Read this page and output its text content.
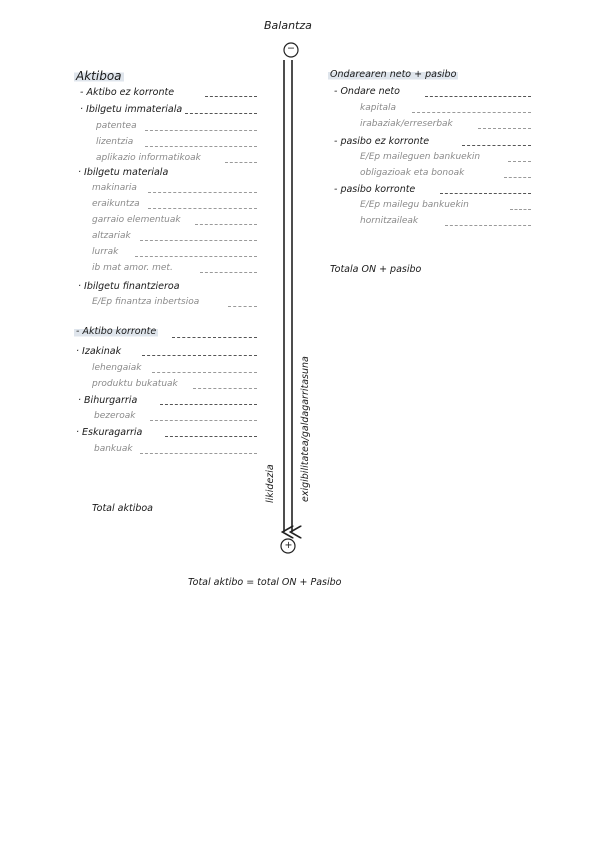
−
+
Balantza
Aktiboa
- Aktibo ez korronte
· Ibilgetu immateriala
patentea
lizentzia
aplikazio informatikoak
· Ibilgetu materiala
makinaria
eraikuntza
garraio elementuak
altzariak
lurrak
ib mat amor. met.
· Ibilgetu finantzieroa
E/Ep finantza inbertsioa
- Aktibo korronte
· Izakinak
lehengaiak
produktu bukatuak
· Bihurgarria
bezeroak
· Eskuragarria
bankuak
Total aktiboa
Ondarearen neto + pasibo
- Ondare neto
kapitala
irabaziak/erreserbak
- pasibo ez korronte
E/Ep maileguen bankuekin
obligazioak eta bonoak
- pasibo korronte
E/Ep mailegu bankuekin
hornitzaileak
Totala ON + pasibo
likidezia	exigibilitatea/galdagarritasuna
Total aktibo = total ON + Pasibo
